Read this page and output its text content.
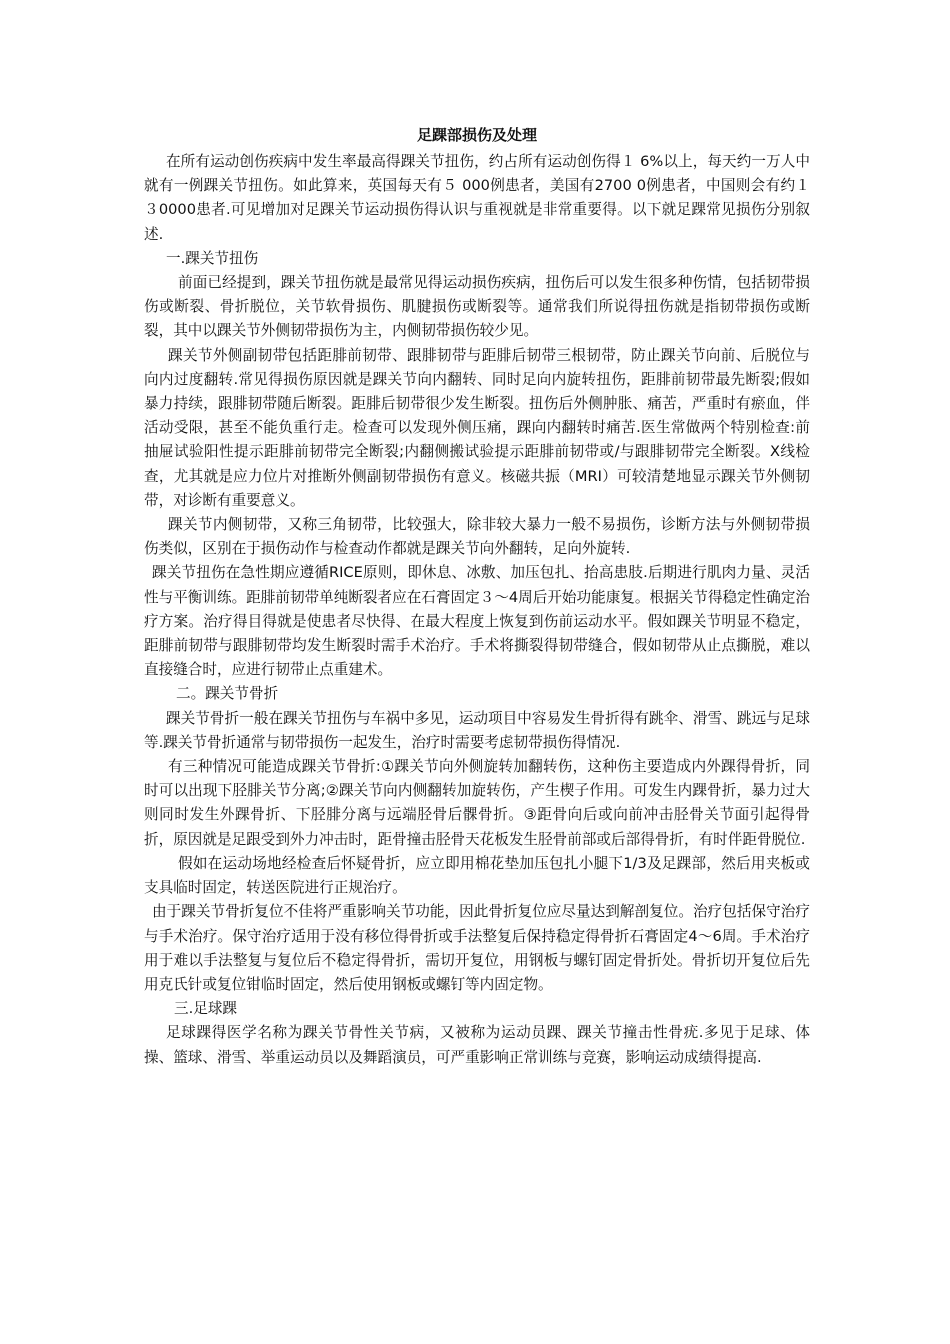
足踝部损伤及处理

在所有运动创伤疾病中发生率最高得踝关节扭伤，约占所有运动创伤得１ 6%以上，每天约一万人中就有一例踝关节扭伤。如此算来，英国每天有５ 000例患者，美国有2700 0例患者，中国则会有约１３0000患者.可见增加对足踝关节运动损伤得认识与重视就是非常重要得。以下就足踝常见损伤分别叙述.

一.踝关节扭伤

前面已经提到，踝关节扭伤就是最常见得运动损伤疾病，扭伤后可以发生很多种伤情，包括韧带损伤或断裂、骨折脱位，关节软骨损伤、肌腱损伤或断裂等。通常我们所说得扭伤就是指韧带损伤或断裂，其中以踝关节外侧韧带损伤为主，内侧韧带损伤较少见。

踝关节外侧副韧带包括距腓前韧带、跟腓韧带与距腓后韧带三根韧带，防止踝关节向前、后脱位与向内过度翻转.常见得损伤原因就是踝关节向内翻转、同时足向内旋转扭伤，距腓前韧带最先断裂;假如暴力持续，跟腓韧带随后断裂。距腓后韧带很少发生断裂。扭伤后外侧肿胀、痛苦，严重时有瘀血，伴活动受限，甚至不能负重行走。检查可以发现外侧压痛，踝向内翻转时痛苦.医生常做两个特别检查:前抽屉试验阳性提示距腓前韧带完全断裂;内翻侧搬试验提示距腓前韧带或/与跟腓韧带完全断裂。X线检查，尤其就是应力位片对推断外侧副韧带损伤有意义。核磁共振（MRI）可较清楚地显示踝关节外侧韧带，对诊断有重要意义。

踝关节内侧韧带，又称三角韧带，比较强大，除非较大暴力一般不易损伤，诊断方法与外侧韧带损伤类似，区别在于损伤动作与检查动作都就是踝关节向外翻转，足向外旋转.

踝关节扭伤在急性期应遵循RICE原则，即休息、冰敷、加压包扎、抬高患肢.后期进行肌肉力量、灵活性与平衡训练。距腓前韧带单纯断裂者应在石膏固定３～4周后开始功能康复。根据关节得稳定性确定治疗方案。治疗得目得就是使患者尽快得、在最大程度上恢复到伤前运动水平。假如踝关节明显不稳定，距腓前韧带与跟腓韧带均发生断裂时需手术治疗。手术将撕裂得韧带缝合，假如韧带从止点撕脱，难以直接缝合时，应进行韧带止点重建术。

二。踝关节骨折

踝关节骨折一般在踝关节扭伤与车祸中多见，运动项目中容易发生骨折得有跳伞、滑雪、跳远与足球等.踝关节骨折通常与韧带损伤一起发生，治疗时需要考虑韧带损伤得情况.

有三种情况可能造成踝关节骨折:①踝关节向外侧旋转加翻转伤，这种伤主要造成内外踝得骨折，同时可以出现下胫腓关节分离;②踝关节向内侧翻转加旋转伤，产生楔子作用。可发生内踝骨折，暴力过大则同时发生外踝骨折、下胫腓分离与远端胫骨后髁骨折。③距骨向后或向前冲击胫骨关节面引起得骨折，原因就是足跟受到外力冲击时，距骨撞击胫骨天花板发生胫骨前部或后部得骨折，有时伴距骨脱位.

假如在运动场地经检查后怀疑骨折，应立即用棉花垫加压包扎小腿下1/3及足踝部，然后用夹板或支具临时固定，转送医院进行正规治疗。

由于踝关节骨折复位不佳将严重影响关节功能，因此骨折复位应尽量达到解剖复位。治疗包括保守治疗与手术治疗。保守治疗适用于没有移位得骨折或手法整复后保持稳定得骨折石膏固定4～6周。手术治疗用于难以手法整复与复位后不稳定得骨折，需切开复位，用钢板与螺钉固定骨折处。骨折切开复位后先用克氏针或复位钳临时固定，然后使用钢板或螺钉等内固定物。

三.足球踝

足球踝得医学名称为踝关节骨性关节病，又被称为运动员踝、踝关节撞击性骨疣.多见于足球、体操、篮球、滑雪、举重运动员以及舞蹈演员，可严重影响正常训练与竞赛，影响运动成绩得提高.
